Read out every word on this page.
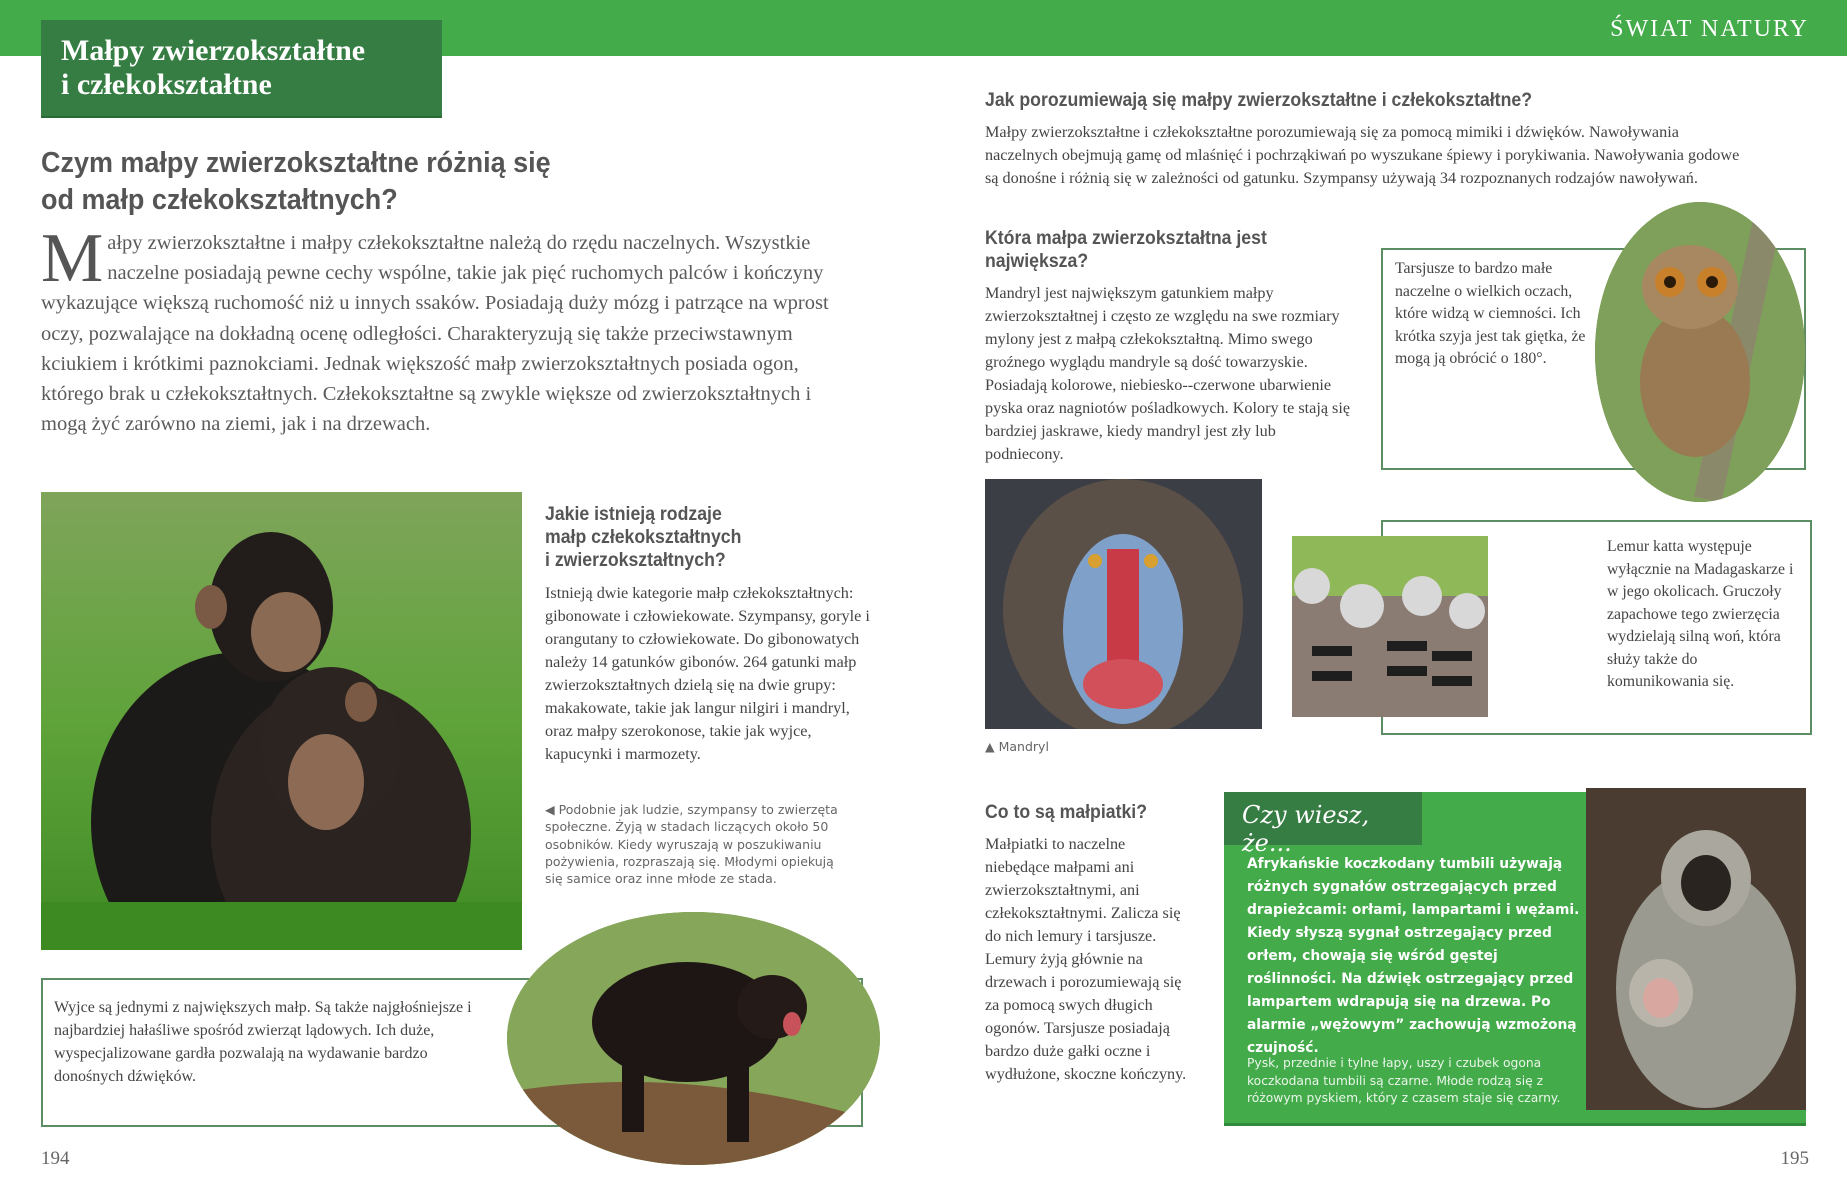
ŚWIAT NATURY
Małpy zwierzokształtne
i człekokształtne
Czym małpy zwierzokształtne różnią się
od małp człekokształtnych?
M ałpy zwierzokształtne i małpy człekokształtne należą do rzędu naczelnych. Wszystkie naczelne posiadają pewne cechy wspólne, takie jak pięć ruchomych palców i kończyny wykazujące większą ruchomość niż u innych ssaków. Posiadają duży mózg i patrzące na wprost oczy, pozwalające na dokładną ocenę odległości. Charakteryzują się także przeciwstawnym kciukiem i krótkimi paznokciami. Jednak większość małp zwierzokształtnych posiada ogon, którego brak u człekokształtnych. Człekokształtne są zwykle większe od zwierzokształtnych i mogą żyć zarówno na ziemi, jak i na drzewach.
Jakie istnieją rodzaje
małp człekokształtnych
i zwierzokształtnych?
Istnieją dwie kategorie małp człekokształtnych: gibonowate i człowiekowate. Szympansy, goryle i orangutany to człowiekowate. Do gibonowatych należy 14 gatunków gibonów. 264 gatunki małp zwierzokształtnych dzielą się na dwie grupy: makakowate, takie jak langur nilgiri i mandryl, oraz małpy szerokonose, takie jak wyjce, kapucynki i marmozety.
◀ Podobnie jak ludzie, szympansy to zwierzęta społeczne. Żyją w stadach liczących około 50 osobników. Kiedy wyruszają w poszukiwaniu pożywienia, rozpraszają się. Młodymi opiekują się samice oraz inne młode ze stada.
Wyjce są jednymi z największych małp. Są także najgłośniejsze i najbardziej hałaśliwe spośród zwierząt lądowych. Ich duże, wyspecjalizowane gardła pozwalają na wydawanie bardzo donośnych dźwięków.
194
Jak porozumiewają się małpy zwierzokształtne i człekokształtne?
Małpy zwierzokształtne i człekokształtne porozumiewają się za pomocą mimiki i dźwięków. Nawoływania naczelnych obejmują gamę od mlaśnięć i pochrząkiwań po wyszukane śpiewy i porykiwania. Nawoływania godowe są donośne i różnią się w zależności od gatunku. Szympansy używają 34 rozpoznanych rodzajów nawoływań.
Która małpa zwierzokształtna jest
największa?
Mandryl jest największym gatunkiem małpy zwierzokształtnej i często ze względu na swe rozmiary mylony jest z małpą człekokształtną. Mimo swego groźnego wyglądu mandryle są dość towarzyskie. Posiadają kolorowe, niebiesko--czerwone ubarwienie pyska oraz nagniotów pośladkowych. Kolory te stają się bardziej jaskrawe, kiedy mandryl jest zły lub podniecony.
Tarsjusze to bardzo małe naczelne o wielkich oczach, które widzą w ciemności. Ich krótka szyja jest tak giętka, że mogą ją obrócić o 180°.
▲ Mandryl
Lemur katta występuje wyłącznie na Madagaskarze i w jego okolicach. Gruczoły zapachowe tego zwierzęcia wydzielają silną woń, która służy także do komunikowania się.
Co to są małpiatki?
Małpiatki to naczelne niebędące małpami ani zwierzokształtnymi, ani człekokształtnymi. Zalicza się do nich lemury i tarsjusze. Lemury żyją głównie na drzewach i porozumiewają się za pomocą swych długich ogonów. Tarsjusze posiadają bardzo duże gałki oczne i wydłużone, skoczne kończyny.
Czy wiesz, że...
Afrykańskie koczkodany tumbili używają różnych sygnałów ostrzegających przed drapieżcami: orłami, lampartami i wężami. Kiedy słyszą sygnał ostrzegający przed orłem, chowają się wśród gęstej roślinności. Na dźwięk ostrzegający przed lampartem wdrapują się na drzewa. Po alarmie „wężowym” zachowują wzmożoną czujność.
Pysk, przednie i tylne łapy, uszy i czubek ogona koczkodana tumbili są czarne. Młode rodzą się z różowym pyskiem, który z czasem staje się czarny.
195
